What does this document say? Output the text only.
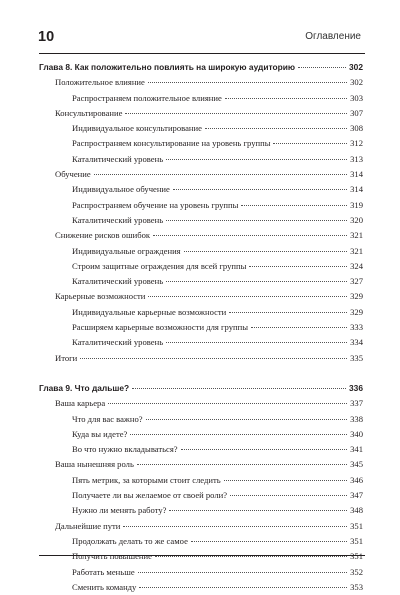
10	Оглавление
Глава 8. Как положительно повлиять на широкую аудиторию	302
Положительное влияние	302
Распространяем положительное влияние	303
Консультирование	307
Индивидуальное консультирование	308
Распространяем консультирование на уровень группы	312
Каталитический уровень	313
Обучение	314
Индивидуальное обучение	314
Распространяем обучение на уровень группы	319
Каталитический уровень	320
Снижение рисков ошибок	321
Индивидуальные ограждения	321
Строим защитные ограждения для всей группы	324
Каталитический уровень	327
Карьерные возможности	329
Индивидуальные карьерные возможности	329
Расширяем карьерные возможности для группы	333
Каталитический уровень	334
Итоги	335
Глава 9. Что дальше?	336
Ваша карьера	337
Что для вас важно?	338
Куда вы идете?	340
Во что нужно вкладываться?	341
Ваша нынешняя роль	345
Пять метрик, за которыми стоит следить	346
Получаете ли вы желаемое от своей роли?	347
Нужно ли менять работу?	348
Дальнейшие пути	351
Продолжать делать то же самое	351
Получить повышение	351
Работать меньше	352
Сменить команду	353
